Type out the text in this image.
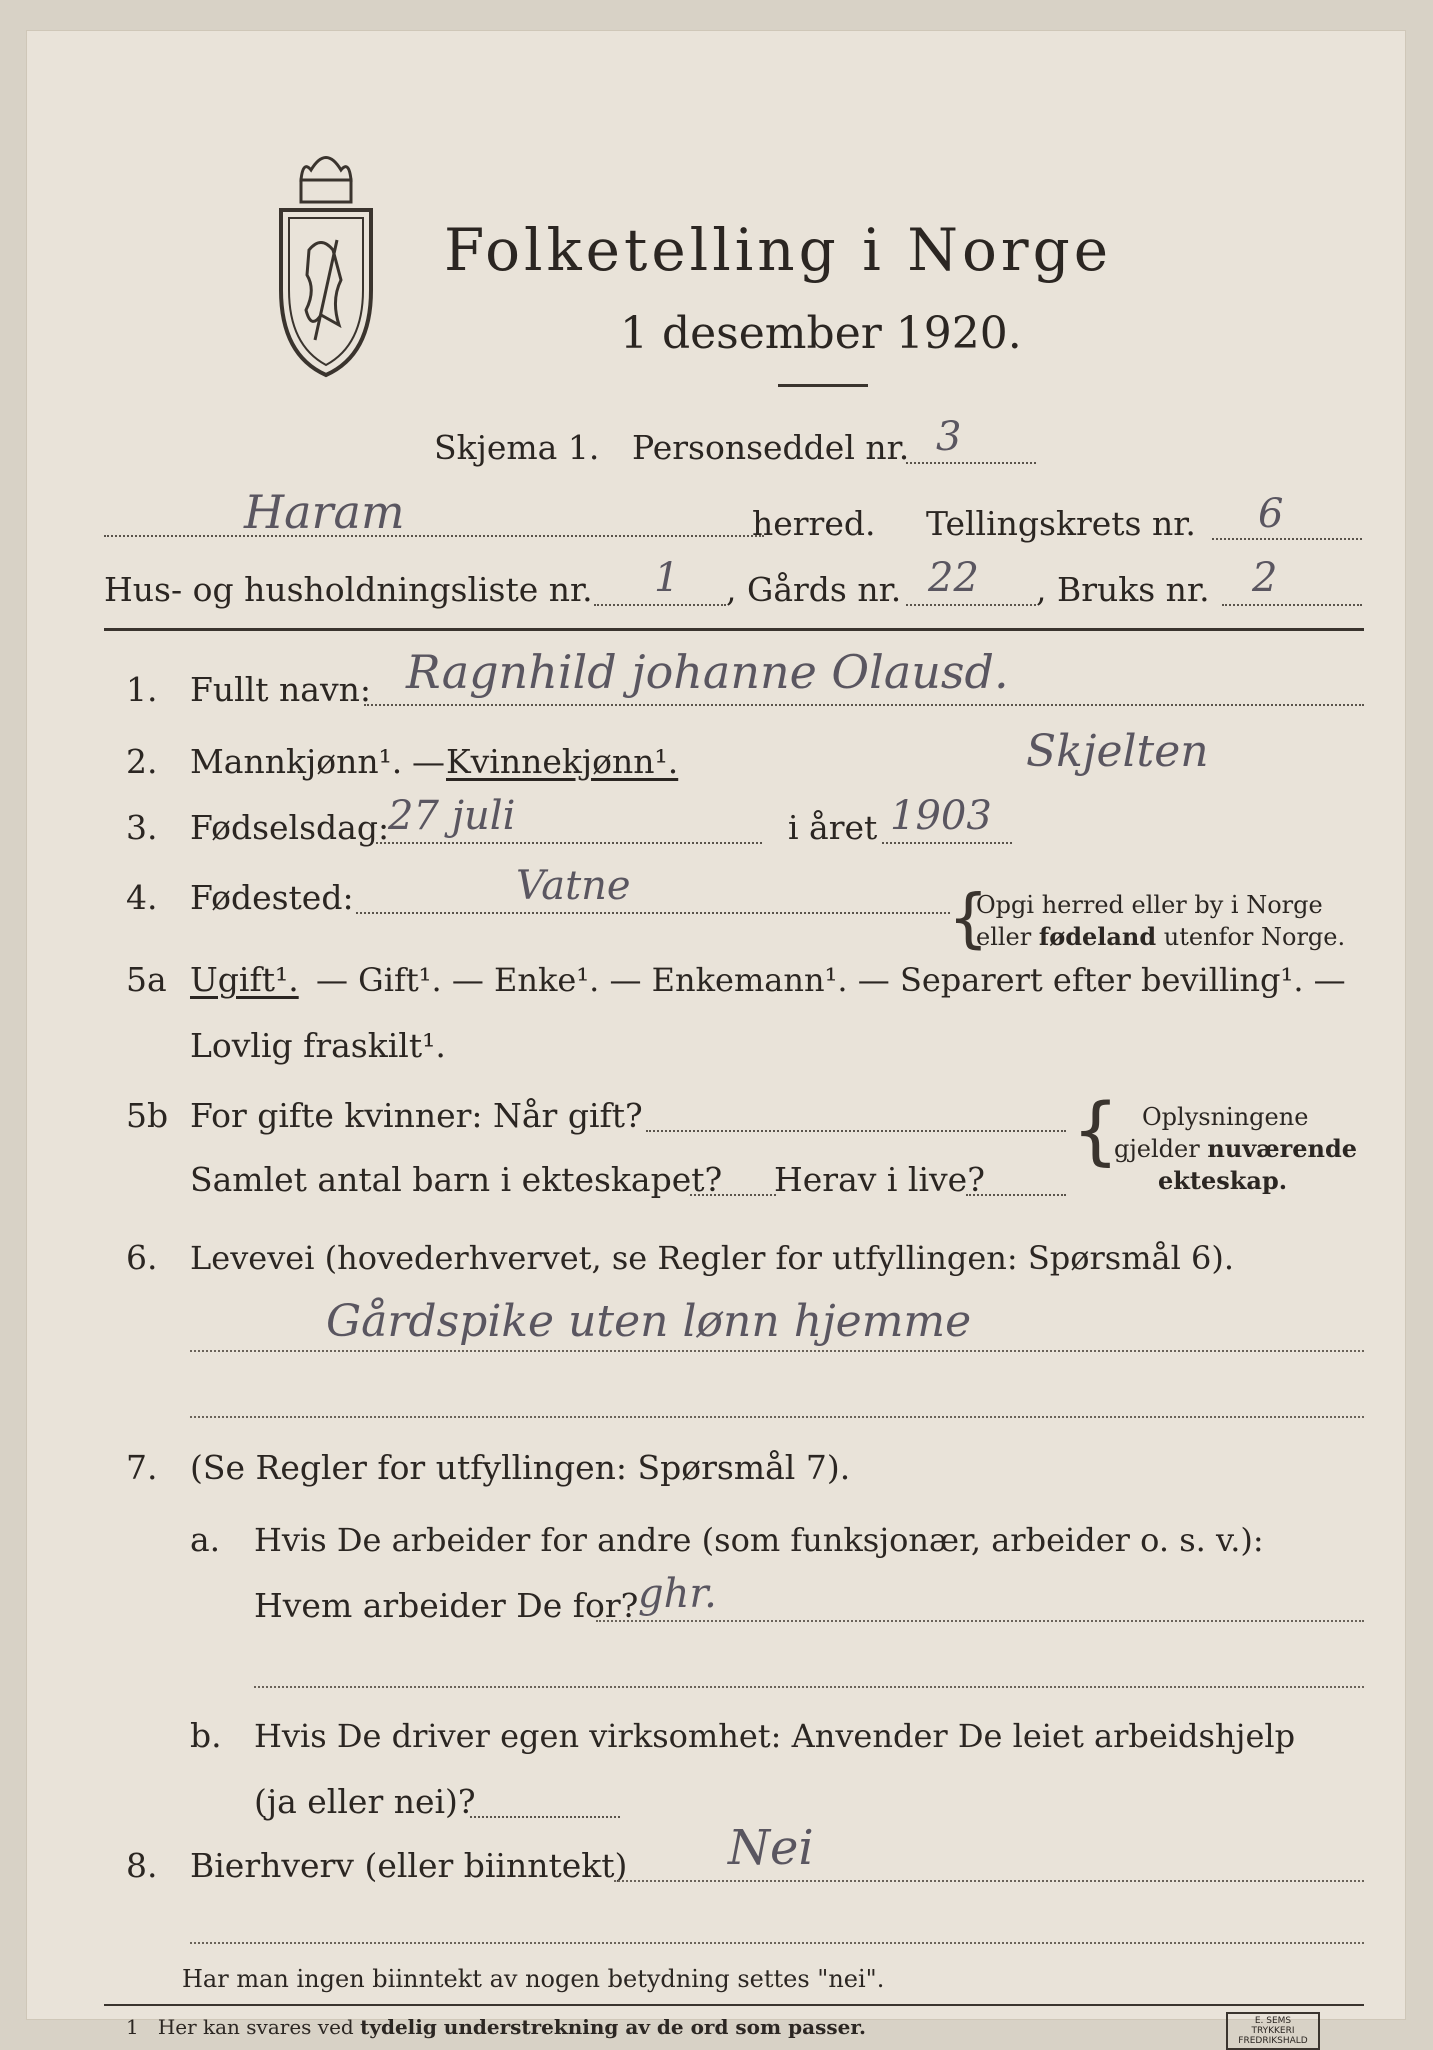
Folketelling i Norge
1 desember 1920.
Skjema 1. Personseddel nr. 3
Haram	herred. Tellingskrets nr. 6
Hus- og husholdningsliste nr. 1 , Gårds nr. 22 , Bruks nr. 2
1. Fullt navn: Ragnhild johanne Olausd.
2. Mannkjønn¹. — Kvinnekjønn¹.	Skjelten
3. Fødselsdag:
27 juli	i året 1903
4. Fødested:	Vatne	{
Opgi herred eller by i Norge
eller fødeland utenfor Norge.
5a Ugift¹. — Gift¹. — Enke¹. — Enkemann¹. — Separert efter bevilling¹. —
Lovlig fraskilt¹.
5b For gifte kvinner: Når gift?
Samlet antal barn i ekteskapet? Herav i live?
{ Oplysningene
gjelder nuværende
ekteskap.
6. Levevei (hovederhvervet, se Regler for utfyllingen: Spørsmål 6).
Gårdspike uten lønn hjemme
7. (Se Regler for utfyllingen: Spørsmål 7).
a. Hvis De arbeider for andre (som funksjonær, arbeider o. s. v.):
Hvem arbeider De for? ghr.
b. Hvis De driver egen virksomhet: Anvender De leiet arbeidshjelp
(ja eller nei)?
8. Bierhverv (eller biinntekt) Nei
Har man ingen biinntekt av nogen betydning settes "nei".
1 Her kan svares ved tydelig understrekning av de ord som passer.	E. SEMS TRYKKERI
FREDRIKSHALD
